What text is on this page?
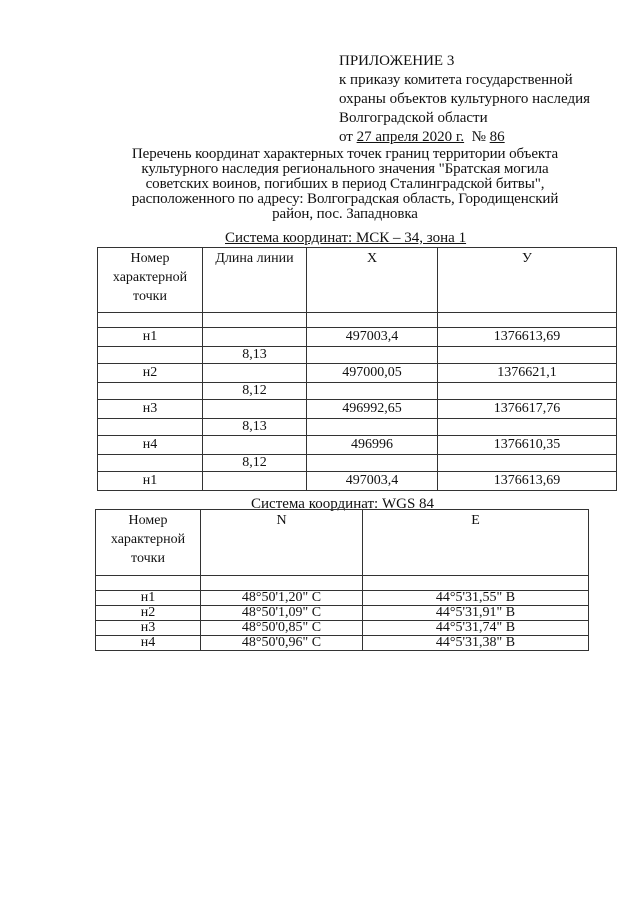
ПРИЛОЖЕНИЕ 3
к приказу комитета государственной
охраны объектов культурного наследия
Волгоградской области
от 27 апреля 2020 г. № 86
Перечень координат характерных точек границ территории объекта
культурного наследия регионального значения "Братская могила
советских воинов, погибших в период Сталинградской битвы",
расположенного по адресу: Волгоградская область, Городищенский
район, пос. Западновка
Система координат: МСК – 34, зона 1
Номер
характерной
точки	Длина линии	X	У

н1		497003,4	1376613,69
	8,13		
н2		497000,05	1376621,1
	8,12		
н3		496992,65	1376617,76
	8,13		
н4		496996	1376610,35
	8,12		
н1		497003,4	1376613,69
Система координат: WGS 84
Номер
характерной
точки	N	E

н1	48°50'1,20" С	44°5'31,55" В
н2	48°50'1,09" С	44°5'31,91" В
н3	48°50'0,85" С	44°5'31,74" В
н4	48°50'0,96" С	44°5'31,38" В
